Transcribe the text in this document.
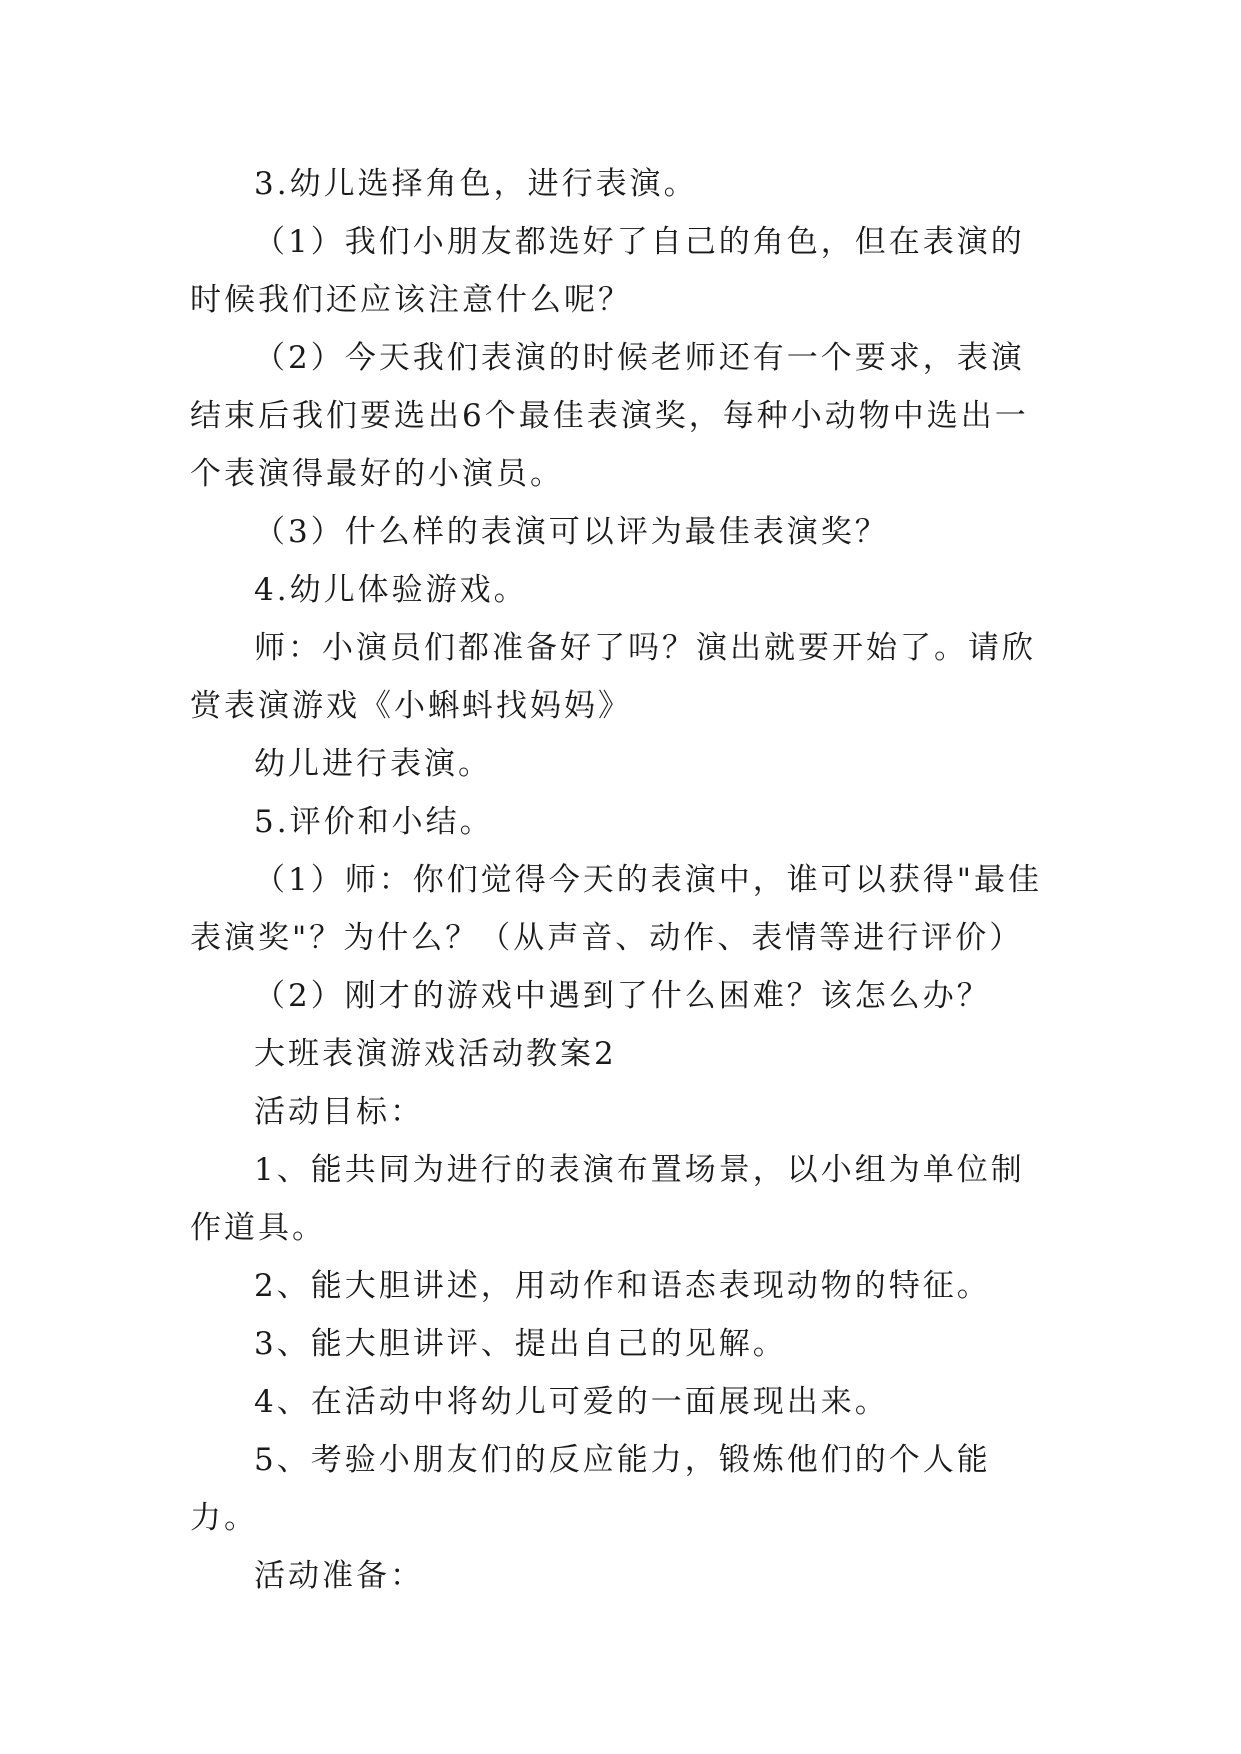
3.幼儿选择角色，进行表演。

（1）我们小朋友都选好了自己的角色，但在表演的时候我们还应该注意什么呢？

（2）今天我们表演的时候老师还有一个要求，表演结束后我们要选出6个最佳表演奖，每种小动物中选出一个表演得最好的小演员。

（3）什么样的表演可以评为最佳表演奖？

4.幼儿体验游戏。

师：小演员们都准备好了吗？演出就要开始了。请欣赏表演游戏《小蝌蚪找妈妈》

幼儿进行表演。

5.评价和小结。

（1）师：你们觉得今天的表演中，谁可以获得"最佳表演奖"？为什么？（从声音、动作、表情等进行评价）

（2）刚才的游戏中遇到了什么困难？该怎么办？

大班表演游戏活动教案2

活动目标：

1、能共同为进行的表演布置场景，以小组为单位制作道具。

2、能大胆讲述，用动作和语态表现动物的特征。

3、能大胆讲评、提出自己的见解。

4、在活动中将幼儿可爱的一面展现出来。

5、考验小朋友们的反应能力，锻炼他们的个人能力。

活动准备：
